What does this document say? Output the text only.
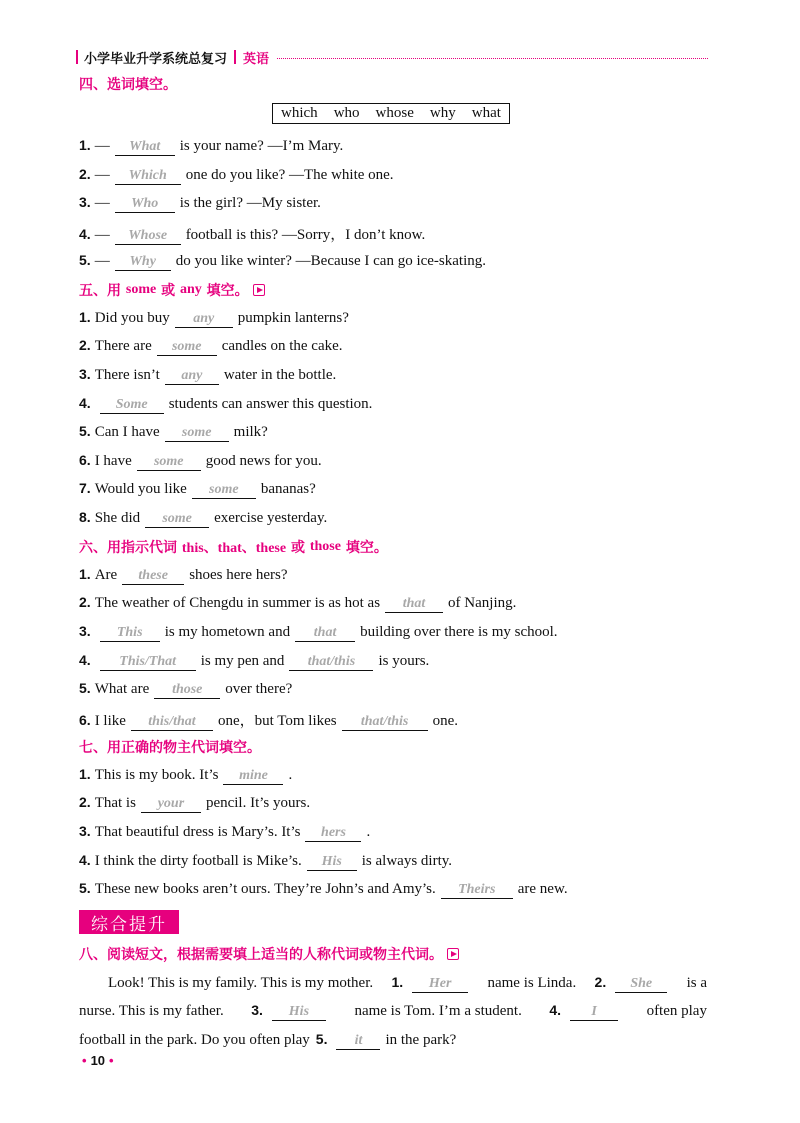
小学毕业升学系统总复习 英语
四、选词填空。
which who whose why what
1. —	What	is your name? —I’m Mary.
2. —	Which	one do you like? —The white one.
3. —	Who	is the girl? —My sister.
4. —	Whose	football is this? —Sorry，I don’t know.
5. —	Why	do you like winter? —Because I can go ice-skating.
五、用
some
或
any
填空。
1. Did you buy	any	pumpkin lanterns?
2. There are	some	candles on the cake.
3. There isn’t	any	water in the bottle.
4.	Some	students can answer this question.
5. Can I have	some	milk?
6. I have	some	good news for you.
7. Would you like	some	bananas?
8. She did	some	exercise yesterday.
六、用指示代词
this、that、these
或
those
填空。
1. Are	these	shoes here hers?
2. The weather of Chengdu in summer is as hot as	that	of Nanjing.
3.	This	is my hometown and	that	building over there is my school.
4.	This/That	is my pen and	that/this	is yours.
5. What are	those	over there?
6. I like	this/that	one，but Tom likes	that/this	one.
七、用正确的物主代词填空。
1. This is my book. It’s	mine	.
2. That is	your	pencil. It’s yours.
3. That beautiful dress is Mary’s. It’s	hers	.
4. I think the dirty football is Mike’s.	His	is always dirty.
5. These new books aren’t ours. They’re John’s and Amy’s.	Theirs	are new.
综合提升
八、阅读短文，根据需要填上适当的人称代词或物主代词。
Look! This is my family. This is my mother. 1. Her	name is Linda. 2. She	is a
nurse. This is my father. 3. His	name is Tom. I’m a student. 4. I	often play
football in the park. Do you often play 5.	it	in the park?
• 10 •
